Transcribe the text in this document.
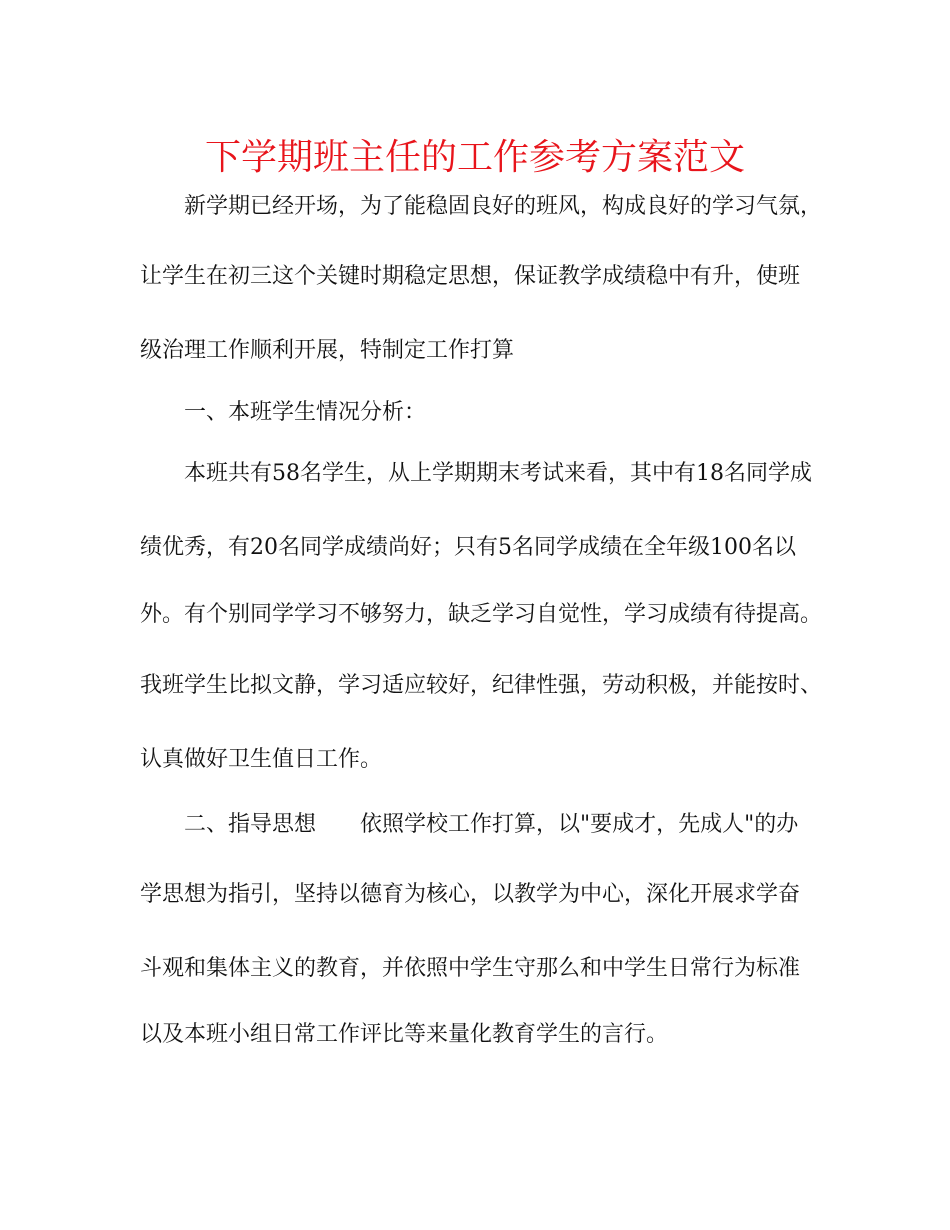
下学期班主任的工作参考方案范文

新学期已经开场，为了能稳固良好的班风，构成良好的学习气氛，

让学生在初三这个关键时期稳定思想，保证教学成绩稳中有升，使班

级治理工作顺利开展，特制定工作打算

一、本班学生情况分析：

本班共有58名学生，从上学期期末考试来看，其中有18名同学成

绩优秀，有20名同学成绩尚好；只有5名同学成绩在全年级100名以

外。有个别同学学习不够努力，缺乏学习自觉性，学习成绩有待提高。

我班学生比拟文静，学习适应较好，纪律性强，劳动积极，并能按时、

认真做好卫生值日工作。

二、指导思想　　依照学校工作打算，以"要成才，先成人"的办

学思想为指引，坚持以德育为核心，以教学为中心，深化开展求学奋

斗观和集体主义的教育，并依照中学生守那么和中学生日常行为标准

以及本班小组日常工作评比等来量化教育学生的言行。
